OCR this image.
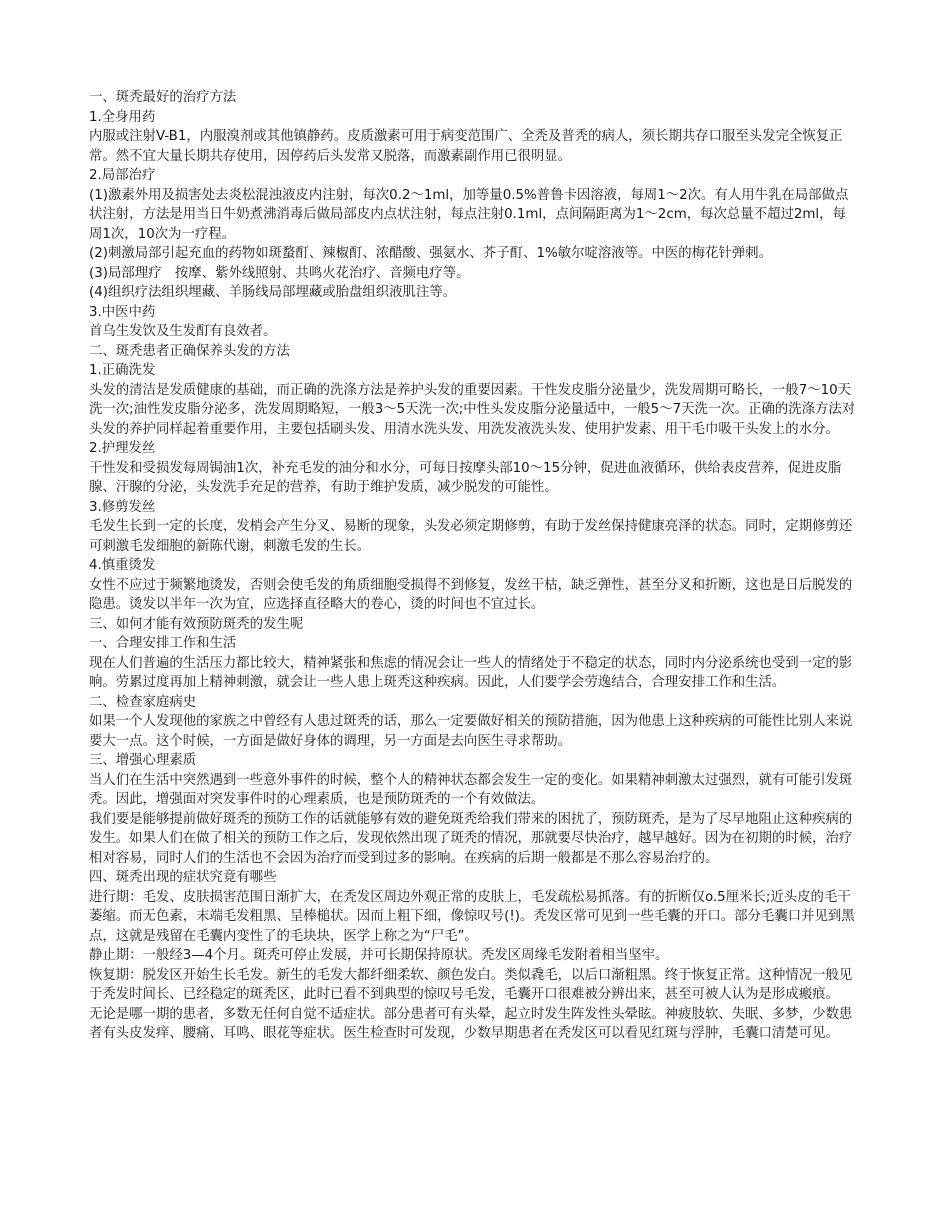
一、斑秃最好的治疗方法

1.全身用药

内服或注射V-B1，内服溴剂或其他镇静药。皮质激素可用于病变范围广、全秃及普秃的病人，须长期共存口服至头发完全恢复正常。然不宜大量长期共存使用，因停药后头发常又脱落，而激素副作用已很明显。

2.局部治疗

(1)激素外用及损害处去炎松混浊液皮内注射，每次0.2～1ml，加等量0.5%普鲁卡因溶液，每周1～2次。有人用牛乳在局部做点状注射，方法是用当日牛奶煮沸消毒后做局部皮内点状注射，每点注射0.1ml，点间隔距离为1～2cm，每次总量不超过2ml，每周1次，10次为一疗程。

(2)刺激局部引起充血的药物如斑蝥酊、辣椒酊、浓醋酸、强氨水、芥子酊、1%敏尔啶溶液等。中医的梅花针弹刺。

(3)局部理疗　按摩、紫外线照射、共鸣火花治疗、音频电疗等。

(4)组织疗法组织埋藏、羊肠线局部埋藏或胎盘组织液肌注等。

3.中医中药

首乌生发饮及生发酊有良效者。

二、斑秃患者正确保养头发的方法

1.正确洗发

头发的清洁是发质健康的基础，而正确的洗涤方法是养护头发的重要因素。干性发皮脂分泌量少，洗发周期可略长，一般7～10天洗一次;油性发皮脂分泌多，洗发周期略短，一般3～5天洗一次;中性头发皮脂分泌量适中，一般5～7天洗一次。正确的洗涤方法对头发的养护同样起着重要作用，主要包括刷头发、用清水洗头发、用洗发液洗头发、使用护发素、用干毛巾吸干头发上的水分。

2.护理发丝

干性发和受损发每周锔油1次，补充毛发的油分和水分，可每日按摩头部10～15分钟，促进血液循环，供给表皮营养，促进皮脂腺、汗腺的分泌，头发洗手充足的营养，有助于维护发质，减少脱发的可能性。

3.修剪发丝

毛发生长到一定的长度，发梢会产生分叉、易断的现象，头发必须定期修剪，有助于发丝保持健康亮泽的状态。同时，定期修剪还可刺激毛发细胞的新陈代谢，刺激毛发的生长。

4.慎重烫发

女性不应过于频繁地烫发，否则会使毛发的角质细胞受损得不到修复，发丝干枯，缺乏弹性，甚至分叉和折断，这也是日后脱发的隐患。烫发以半年一次为宜，应选择直径略大的卷心，烫的时间也不宜过长。

三、如何才能有效预防斑秃的发生呢

一、合理安排工作和生活

现在人们普遍的生活压力都比较大，精神紧张和焦虑的情况会让一些人的情绪处于不稳定的状态，同时内分泌系统也受到一定的影响。劳累过度再加上精神刺激，就会让一些人患上斑秃这种疾病。因此，人们要学会劳逸结合，合理安排工作和生活。

二、检查家庭病史

如果一个人发现他的家族之中曾经有人患过斑秃的话，那么一定要做好相关的预防措施，因为他患上这种疾病的可能性比别人来说要大一点。这个时候，一方面是做好身体的调理，另一方面是去向医生寻求帮助。

三、增强心理素质

当人们在生活中突然遇到一些意外事件的时候，整个人的精神状态都会发生一定的变化。如果精神刺激太过强烈，就有可能引发斑秃。因此，增强面对突发事件时的心理素质，也是预防斑秃的一个有效做法。

我们要是能够提前做好斑秃的预防工作的话就能够有效的避免斑秃给我们带来的困扰了，预防斑秃，是为了尽早地阻止这种疾病的发生。如果人们在做了相关的预防工作之后，发现依然出现了斑秃的情况，那就要尽快治疗，越早越好。因为在初期的时候，治疗相对容易，同时人们的生活也不会因为治疗而受到过多的影响。在疾病的后期一般都是不那么容易治疗的。

四、斑秃出现的症状究竟有哪些

进行期：毛发、皮肤损害范围日渐扩大，在秃发区周边外观正常的皮肤上，毛发疏松易抓落。有的折断仅o.5厘米长;近头皮的毛干萎缩。而无色素，末端毛发粗黑、呈棒槌状。因而上粗下细，像惊叹号(!)。秃发区常可见到一些毛囊的开口。部分毛囊口并见到黑点，这就是残留在毛囊内变性了的毛块块，医学上称之为“尸毛”。

静止期：一般经3—4个月。斑秃可停止发展，并可长期保持原状。秃发区周缘毛发附着相当坚牢。

恢复期：脱发区开始生长毛发。新生的毛发大都纤细柔软、颜色发白。类似毳毛，以后口渐粗黑。终于恢复正常。这种情况一般见于秃发时间长、已经稳定的斑秃区，此时已看不到典型的惊叹号毛发，毛囊开口很难被分辨出来，甚至可被人认为是形成瘢痕。

无论是哪一期的患者，多数无任何自觉不适症状。部分患者可有头晕，起立时发生阵发性头晕眩。神疲肢软、失眠、多梦，少数患者有头皮发痒、腰痛、耳鸣、眼花等症状。医生检查时可发现，少数早期患者在秃发区可以看见红斑与浮肿，毛囊口清楚可见。
